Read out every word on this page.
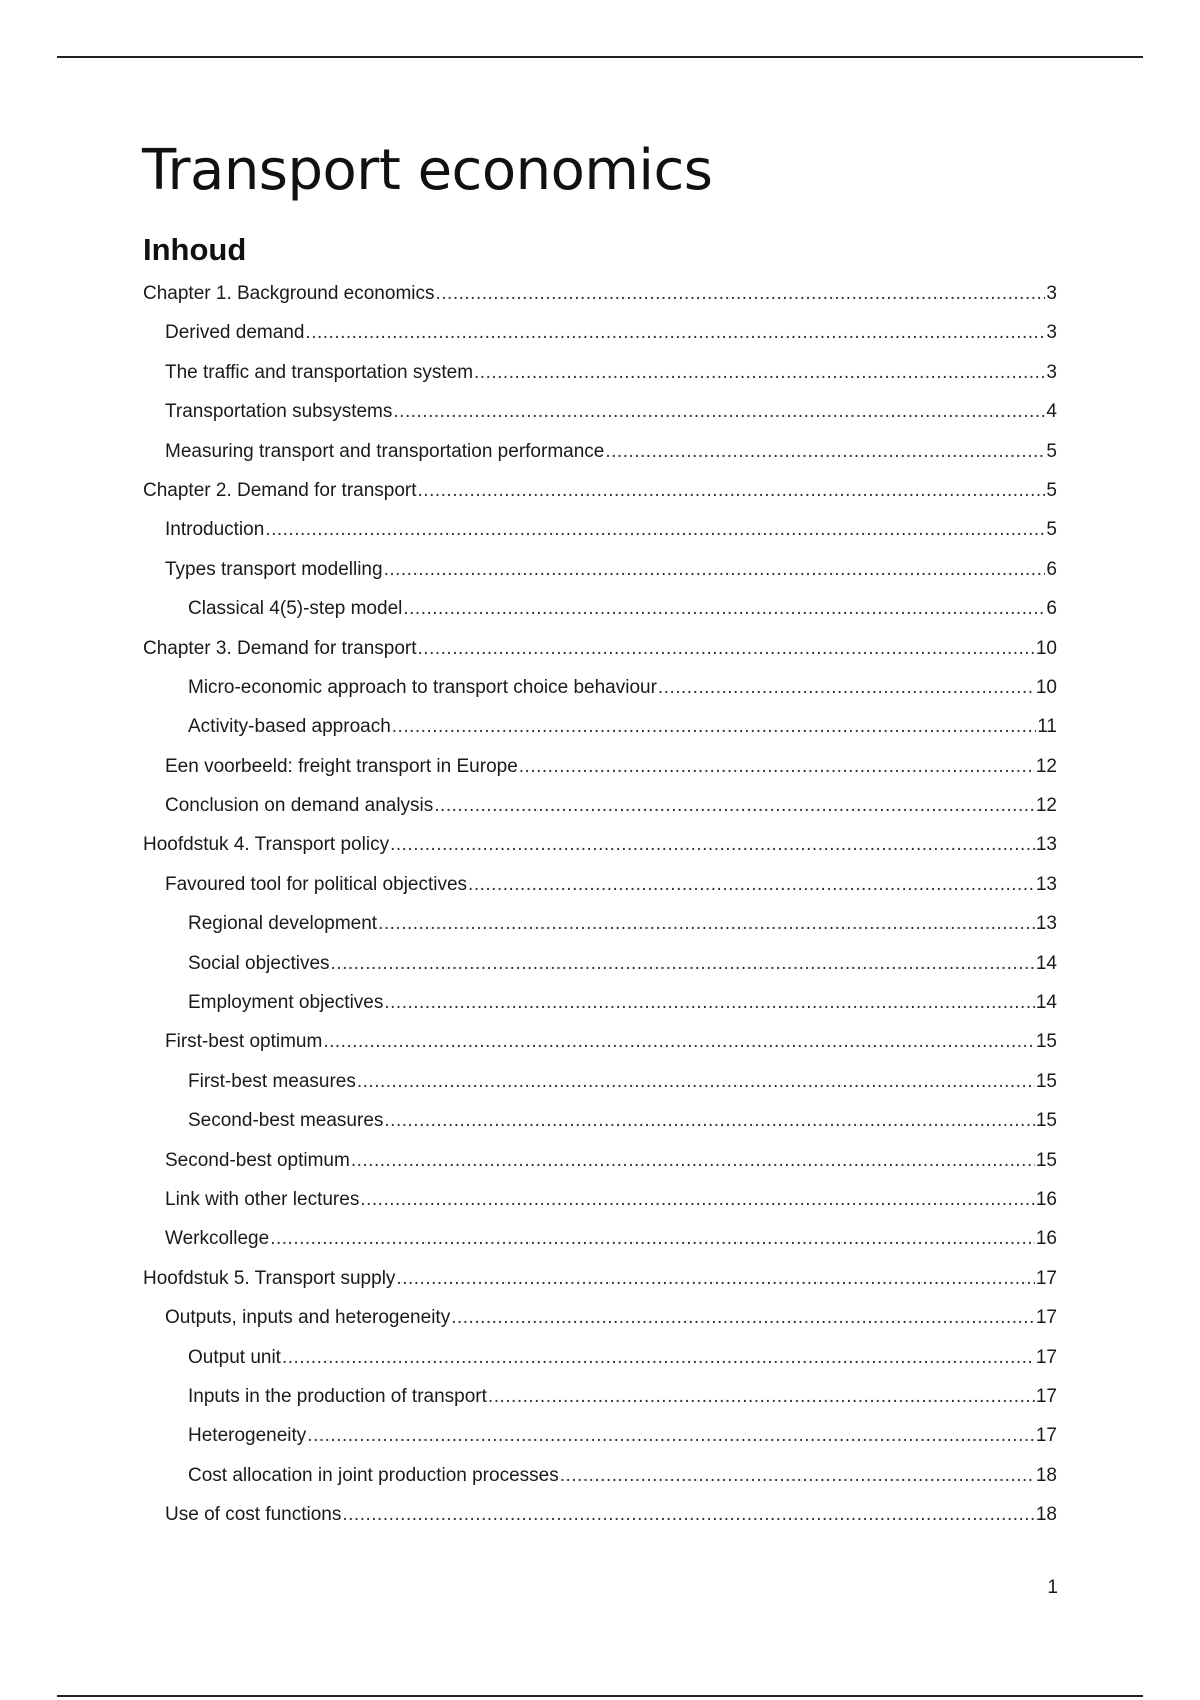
Transport economics
Inhoud
Chapter 1. Background economics .....	3
Derived demand .....	3
The traffic and transportation system .....	3
Transportation subsystems .....	4
Measuring transport and transportation performance .....	5
Chapter 2. Demand for transport .....	5
Introduction .....	5
Types transport modelling .....	6
Classical 4(5)-step model .....	6
Chapter 3. Demand for transport .....	10
Micro-economic approach to transport choice behaviour .....	10
Activity-based approach .....	11
Een voorbeeld: freight transport in Europe .....	12
Conclusion on demand analysis .....	12
Hoofdstuk 4. Transport policy .....	13
Favoured tool for political objectives .....	13
Regional development .....	13
Social objectives .....	14
Employment objectives .....	14
First-best optimum .....	15
First-best measures .....	15
Second-best measures .....	15
Second-best optimum .....	15
Link with other lectures .....	16
Werkcollege .....	16
Hoofdstuk 5. Transport supply .....	17
Outputs, inputs and heterogeneity .....	17
Output unit .....	17
Inputs in the production of transport .....	17
Heterogeneity .....	17
Cost allocation in joint production processes .....	18
Use of cost functions .....	18
1
